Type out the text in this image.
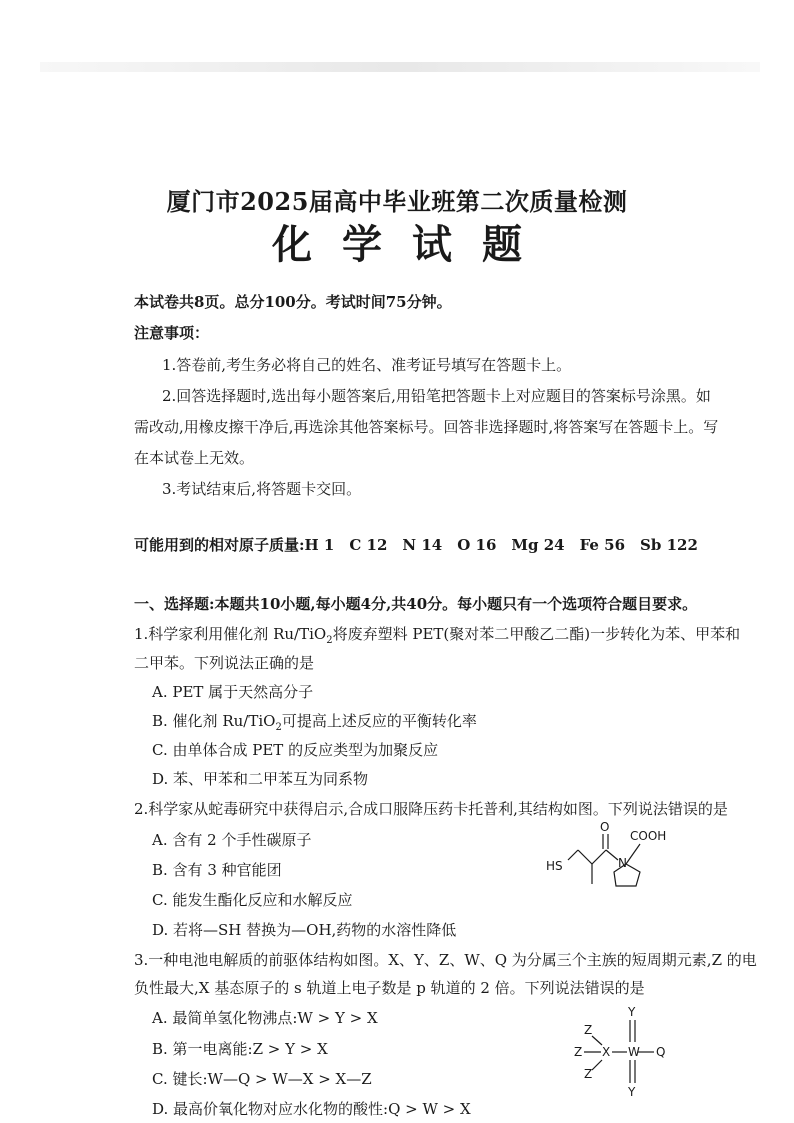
厦门市2025届高中毕业班第二次质量检测
化学试题
本试卷共8页。总分100分。考试时间75分钟。
注意事项：
1.答卷前,考生务必将自己的姓名、准考证号填写在答题卡上。
2.回答选择题时,选出每小题答案后,用铅笔把答题卡上对应题目的答案标号涂黑。如
需改动,用橡皮擦干净后,再选涂其他答案标号。回答非选择题时,将答案写在答题卡上。写
在本试卷上无效。
3.考试结束后,将答题卡交回。
可能用到的相对原子质量:H 1　C 12　N 14　O 16　Mg 24　Fe 56　Sb 122
一、选择题:本题共10小题,每小题4分,共40分。每小题只有一个选项符合题目要求。
1.科学家利用催化剂 Ru/TiO$_2$将废弃塑料 PET(聚对苯二甲酸乙二酯)一步转化为苯、甲苯和
二甲苯。下列说法正确的是
A. PET 属于天然高分子
B. 催化剂 Ru/TiO$_2$可提高上述反应的平衡转化率
C. 由单体合成 PET 的反应类型为加聚反应
D. 苯、甲苯和二甲苯互为同系物
2.科学家从蛇毒研究中获得启示,合成口服降压药卡托普利,其结构如图。下列说法错误的是
A. 含有 2 个手性碳原子
B. 含有 3 种官能团
C. 能发生酯化反应和水解反应
D. 若将—SH 替换为—OH,药物的水溶性降低
O
COOH
N
HS
3.一种电池电解质的前驱体结构如图。X、Y、Z、W、Q 为分属三个主族的短周期元素,Z 的电
负性最大,X 基态原子的 s 轨道上电子数是 p 轨道的 2 倍。下列说法错误的是
A. 最简单氢化物沸点:W > Y > X
B. 第一电离能:Z > Y > X
C. 键长:W—Q > W—X > X—Z
D. 最高价氧化物对应水化物的酸性:Q > W > X
Z
Z
Z
X W
Y
Y
Q
